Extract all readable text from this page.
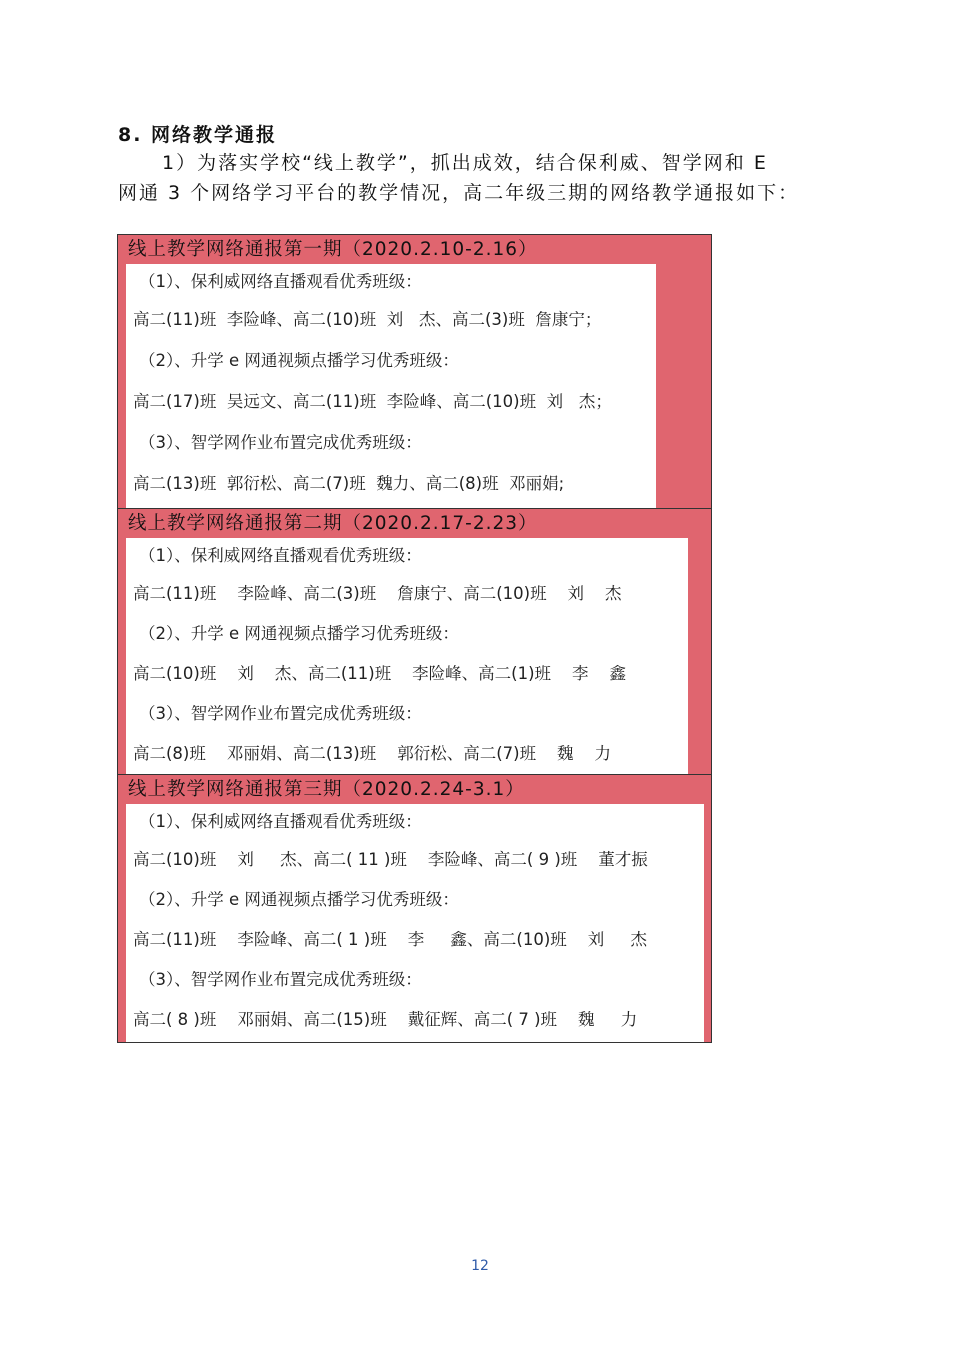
8. 网络教学通报
1）为落实学校“线上教学”，抓出成效，结合保利威、智学网和 E
网通 3 个网络学习平台的教学情况，高二年级三期的网络教学通报如下：
线上教学网络通报第一期（2020.2.10-2.16）
（1）、保利威网络直播观看优秀班级：
高二(11)班  李险峰、高二(10)班  刘   杰、高二(3)班  詹康宁；
（2）、升学 e 网通视频点播学习优秀班级：
高二(17)班  吴远文、高二(11)班  李险峰、高二(10)班  刘   杰；
（3）、智学网作业布置完成优秀班级：
高二(13)班  郭衍松、高二(7)班  魏力、高二(8)班  邓丽娟;
线上教学网络通报第二期（2020.2.17-2.23）
（1）、保利威网络直播观看优秀班级：
高二(11)班    李险峰、高二(3)班    詹康宁、高二(10)班    刘    杰
（2）、升学 e 网通视频点播学习优秀班级：
高二(10)班    刘    杰、高二(11)班    李险峰、高二(1)班    李    鑫
（3）、智学网作业布置完成优秀班级：
高二(8)班    邓丽娟、高二(13)班    郭衍松、高二(7)班    魏    力
线上教学网络通报第三期（2020.2.24-3.1）
（1）、保利威网络直播观看优秀班级：
高二(10)班    刘     杰、高二( 11 )班    李险峰、高二( 9 )班    董才振
（2）、升学 e 网通视频点播学习优秀班级：
高二(11)班    李险峰、高二( 1 )班    李     鑫、高二(10)班    刘     杰
（3）、智学网作业布置完成优秀班级：
高二( 8 )班    邓丽娟、高二(15)班    戴征辉、高二( 7 )班    魏     力
12
